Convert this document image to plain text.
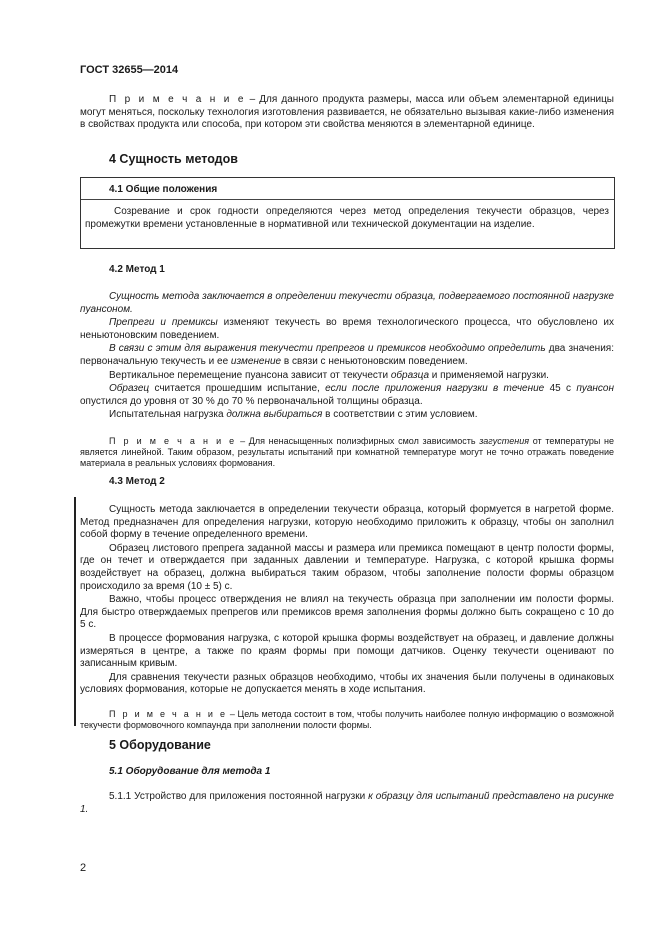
ГОСТ 32655—2014

П р и м е ч а н и е – Для данного продукта размеры, масса или объем элементарной единицы могут меняться, поскольку технология изготовления развивается, не обязательно вызывая какие-либо изменения в свойствах продукта или способа, при котором эти свойства меняются в элементарной единице.

4 Сущность методов
4.1 Общие положения

Созревание и срок годности определяются через метод определения текучести образцов, через промежутки времени установленные в нормативной или технической документации на изделие.

4.2 Метод 1

Сущность метода заключается в определении текучести образца, подвергаемого постоянной нагрузке пуансоном.

Препреги и премиксы изменяют текучесть во время технологического процесса, что обусловлено их неньютоновским поведением.

В связи с этим для выражения текучести препрегов и премиксов необходимо определить два значения: первоначальную текучесть и ее изменение в связи с неньютоновским поведением.

Вертикальное перемещение пуансона зависит от текучести образца и применяемой нагрузки.

Образец считается прошедшим испытание, если после приложения нагрузки в течение 45 с пуансон опустился до уровня от 30 % до 70 % первоначальной толщины образца.

Испытательная нагрузка должна выбираться в соответствии с этим условием.

П р и м е ч а н и е – Для ненасыщенных полиэфирных смол зависимость загустения от температуры не является линейной. Таким образом, результаты испытаний при комнатной температуре могут не точно отражать поведение материала в реальных условиях формования.

4.3 Метод 2

Сущность метода заключается в определении текучести образца, который формуется в нагретой форме. Метод предназначен для определения нагрузки, которую необходимо приложить к образцу, чтобы он заполнил собой форму в течение определенного времени.

Образец листового препрега заданной массы и размера или премикса помещают в центр полости формы, где он течет и отверждается при заданных давлении и температуре. Нагрузка, с которой крышка формы воздействует на образец, должна выбираться таким образом, чтобы заполнение полости формы образцом происходило за время (10 ± 5) с.

Важно, чтобы процесс отверждения не влиял на текучесть образца при заполнении им полости формы. Для быстро отверждаемых препрегов или премиксов время заполнения формы должно быть сокращено с 10 до 5 с.

В процессе формования нагрузка, с которой крышка формы воздействует на образец, и давление должны измеряться в центре, а также по краям формы при помощи датчиков. Оценку текучести оценивают по записанным кривым.

Для сравнения текучести разных образцов необходимо, чтобы их значения были получены в одинаковых условиях формования, которые не допускается менять в ходе испытания.

П р и м е ч а н и е – Цель метода состоит в том, чтобы получить наиболее полную информацию о возможной текучести формовочного компаунда при заполнении полости формы.

5 Оборудование
5.1 Оборудование для метода 1

5.1.1 Устройство для приложения постоянной нагрузки к образцу для испытаний представлено на рисунке 1.

2
